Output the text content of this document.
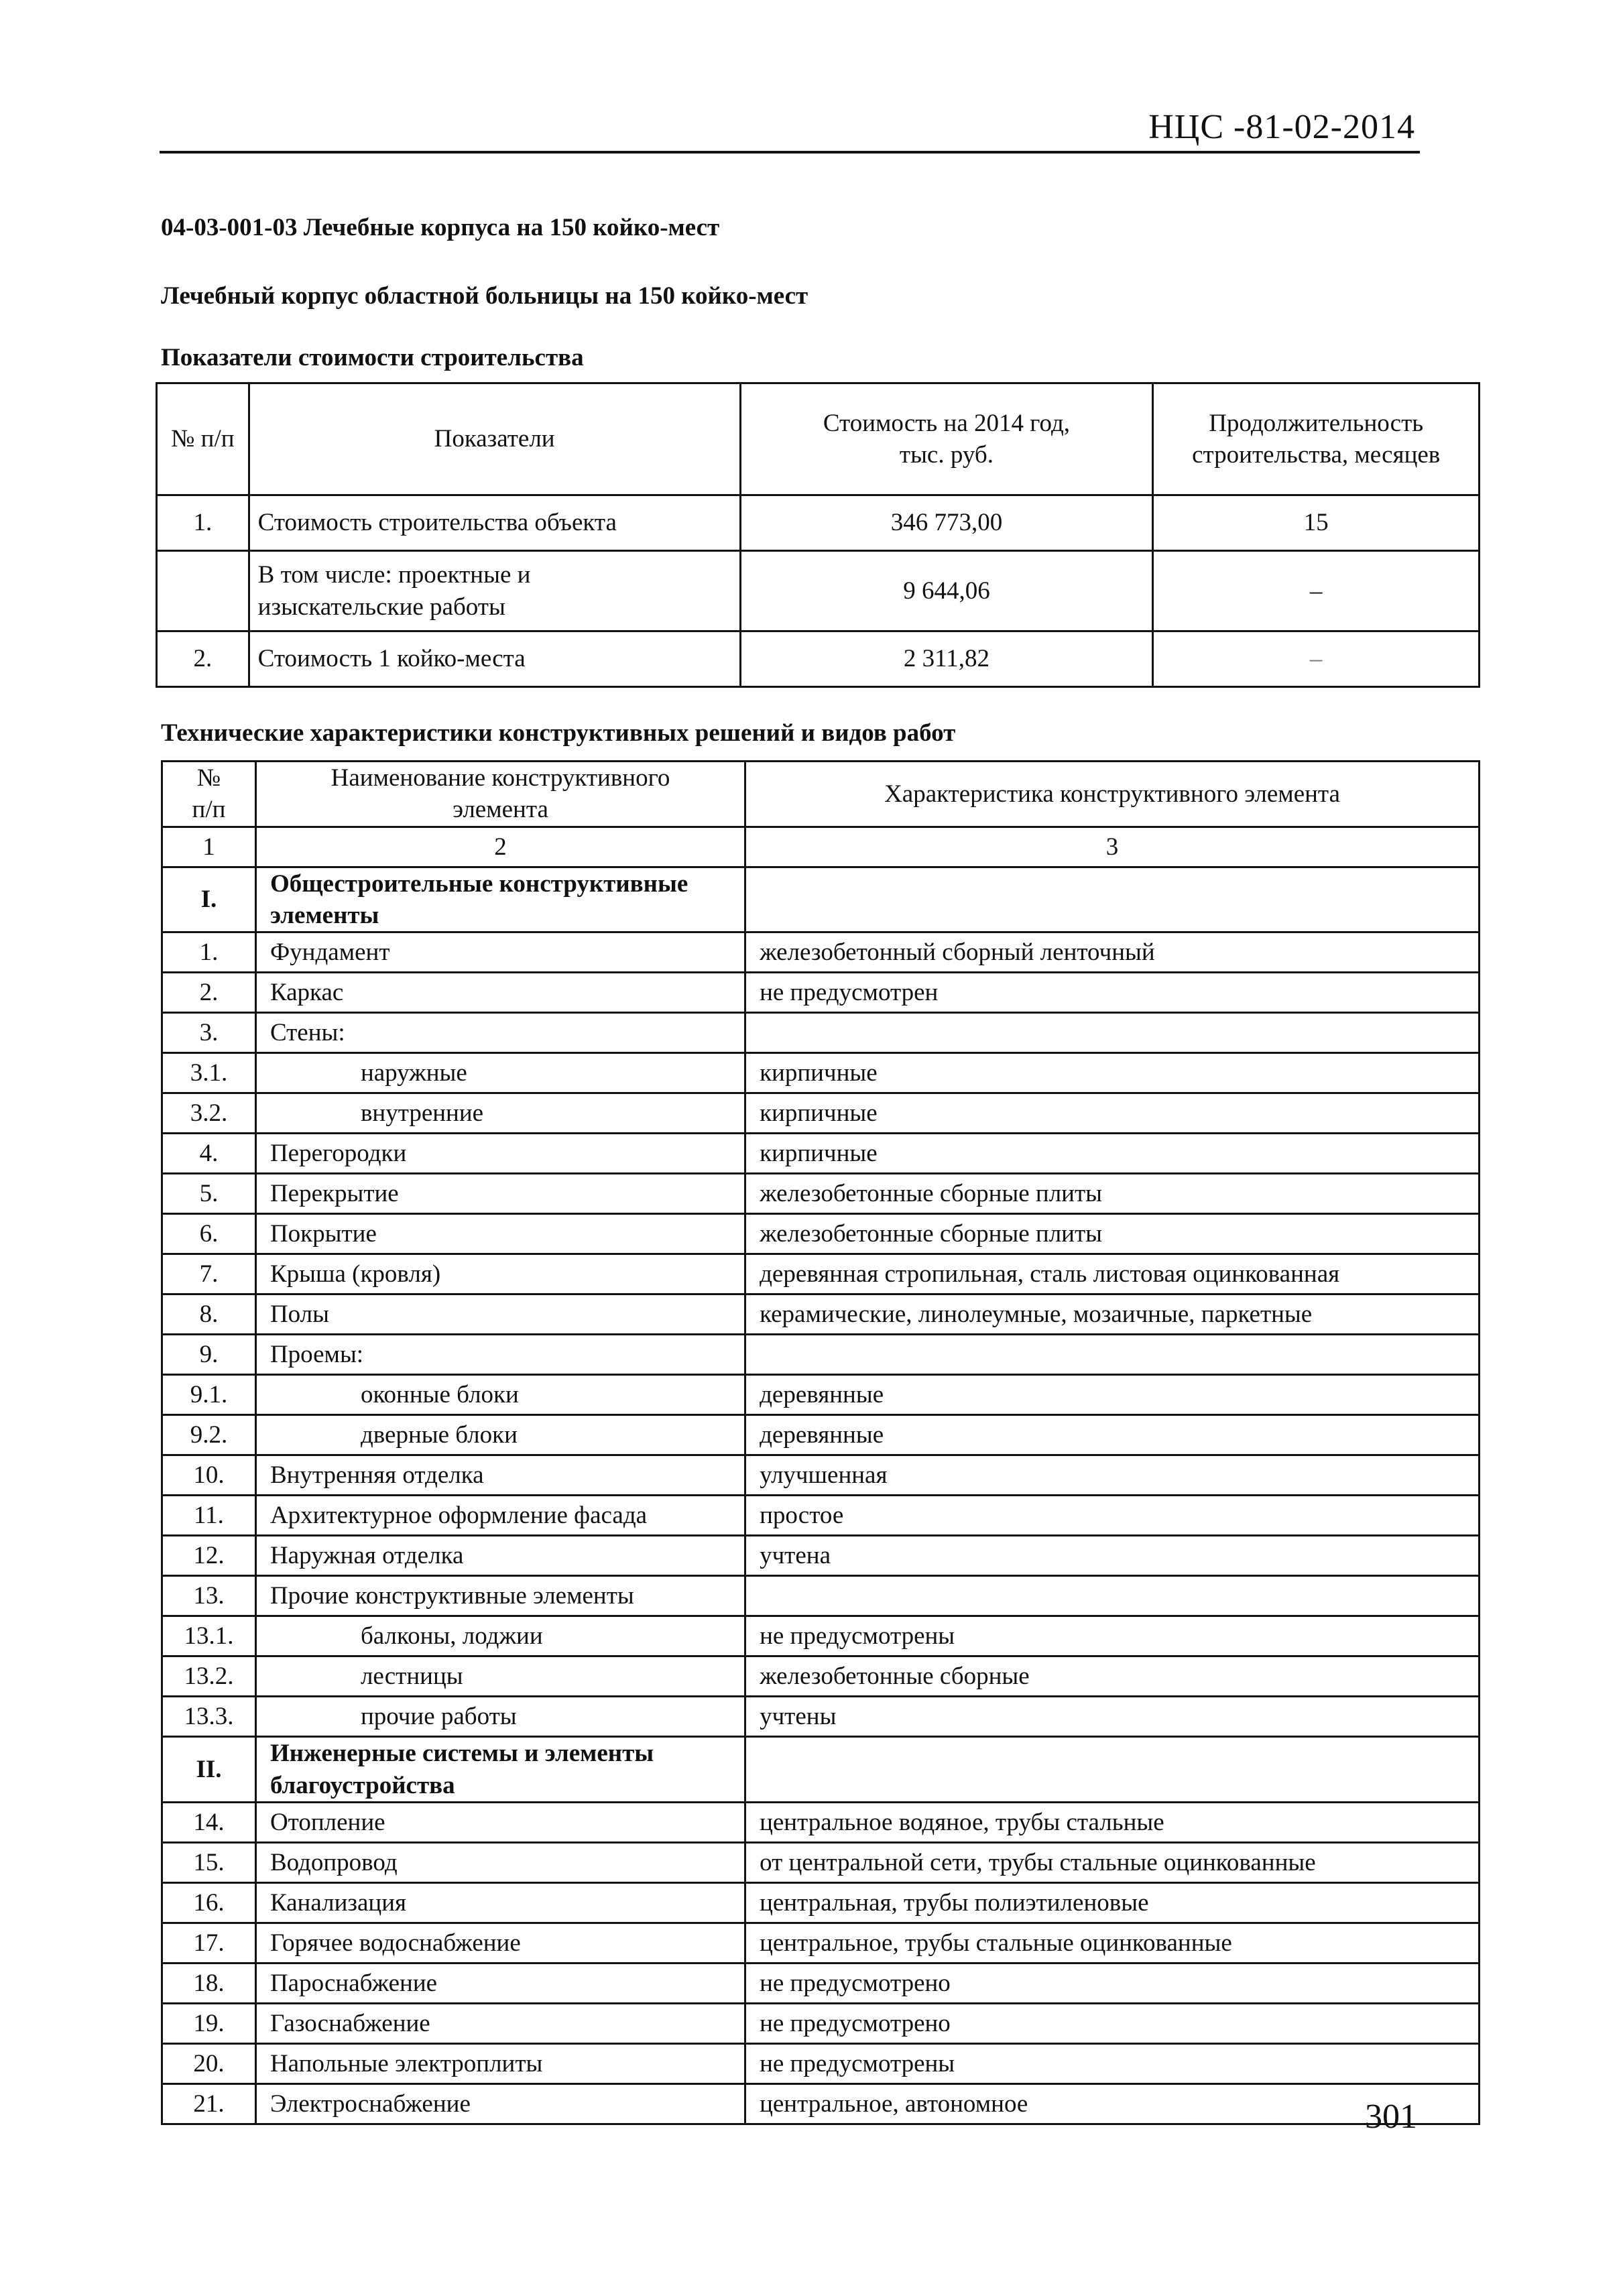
НЦС -81-02-2014
04-03-001-03 Лечебные корпуса на 150 койко-мест
Лечебный корпус областной больницы на 150 койко-мест
Показатели стоимости строительства
№ п/п	Показатели	Стоимость на 2014 год, тыс. руб.	Продолжительность строительства, месяцев
1.	Стоимость строительства объекта	346 773,00	15
	В том числе: проектные и изыскательские работы	9 644,06	–
2.	Стоимость 1 койко-места	2 311,82	–
Технические характеристики конструктивных решений и видов работ
№ п/п	Наименование конструктивного элемента	Характеристика конструктивного элемента
1	2	3
I.	Общестроительные конструктивные элементы	
1.	Фундамент	железобетонный сборный ленточный
2.	Каркас	не предусмотрен
3.	Стены:	
3.1.	наружные	кирпичные
3.2.	внутренние	кирпичные
4.	Перегородки	кирпичные
5.	Перекрытие	железобетонные сборные плиты
6.	Покрытие	железобетонные сборные плиты
7.	Крыша (кровля)	деревянная стропильная, сталь листовая оцинкованная
8.	Полы	керамические, линолеумные, мозаичные, паркетные
9.	Проемы:	
9.1.	оконные блоки	деревянные
9.2.	дверные блоки	деревянные
10.	Внутренняя отделка	улучшенная
11.	Архитектурное оформление фасада	простое
12.	Наружная отделка	учтена
13.	Прочие конструктивные элементы	
13.1.	балконы, лоджии	не предусмотрены
13.2.	лестницы	железобетонные сборные
13.3.	прочие работы	учтены
II.	Инженерные системы и элементы благоустройства	
14.	Отопление	центральное водяное, трубы стальные
15.	Водопровод	от центральной сети, трубы стальные оцинкованные
16.	Канализация	центральная, трубы полиэтиленовые
17.	Горячее водоснабжение	центральное, трубы стальные оцинкованные
18.	Пароснабжение	не предусмотрено
19.	Газоснабжение	не предусмотрено
20.	Напольные электроплиты	не предусмотрены
21.	Электроснабжение	центральное, автономное	301
